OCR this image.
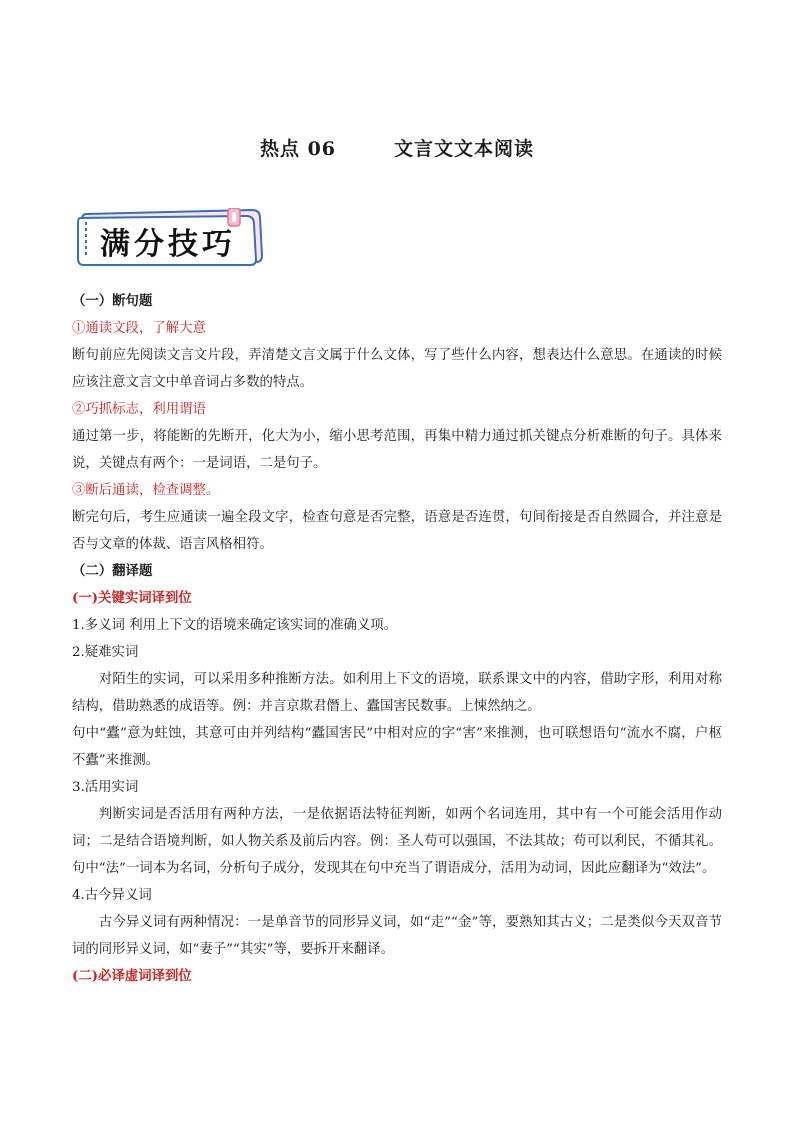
热点 06	文言文文本阅读
满分技巧

（一）断句题

①通读文段，了解大意

断句前应先阅读文言文片段，弄清楚文言文属于什么文体，写了些什么内容，想表达什么意思。在通读的时候应该注意文言文中单音词占多数的特点。

②巧抓标志，利用谓语

通过第一步，将能断的先断开，化大为小，缩小思考范围，再集中精力通过抓关键点分析难断的句子。具体来说，关键点有两个：一是词语，二是句子。

③断后通读，检查调整。

断完句后，考生应通读一遍全段文字，检查句意是否完整，语意是否连贯，句间衔接是否自然圆合，并注意是否与文章的体裁、语言风格相符。

（二）翻译题

(一)关键实词译到位

1.多义词 利用上下文的语境来确定该实词的准确义项。

2.疑难实词

对陌生的实词，可以采用多种推断方法。如利用上下文的语境，联系课文中的内容，借助字形，利用对称结构，借助熟悉的成语等。例：并言京欺君僭上、蠹国害民数事。上悚然纳之。

句中“蠹”意为蛀蚀，其意可由并列结构“蠹国害民”中相对应的字“害”来推测，也可联想语句“流水不腐，户枢不蠹”来推测。

3.活用实词

判断实词是否活用有两种方法，一是依据语法特征判断，如两个名词连用，其中有一个可能会活用作动词；二是结合语境判断，如人物关系及前后内容。例：圣人苟可以强国，不法其故；苟可以利民，不循其礼。句中“法”一词本为名词，分析句子成分，发现其在句中充当了谓语成分，活用为动词，因此应翻译为“效法”。

4.古今异义词

古今异义词有两种情况：一是单音节的同形异义词，如“走”“金”等，要熟知其古义；二是类似今天双音节词的同形异义词，如“妻子”“其实”等，要拆开来翻译。

(二)必译虚词译到位
